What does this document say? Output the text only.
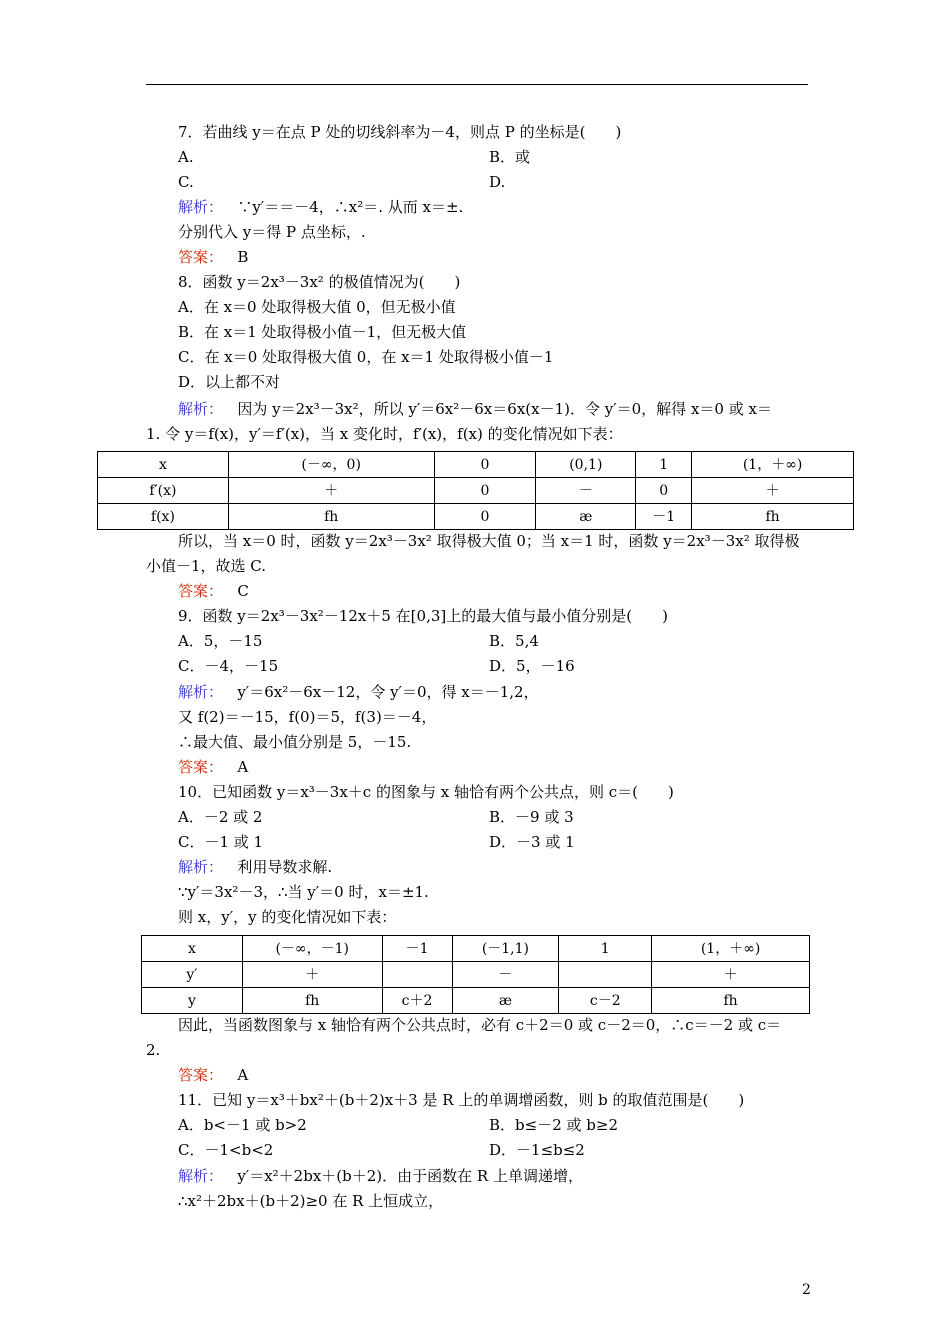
7．若曲线 y＝在点 P 处的切线斜率为－4，则点 P 的坐标是(　　)
A.	B．或
C.	D.
解析： ∵y′＝＝－4，∴x²＝. 从而 x＝±.
分别代入 y＝得 P 点坐标，.
答案： B
8．函数 y＝2x³－3x² 的极值情况为(　　)
A．在 x＝0 处取得极大值 0，但无极小值
B．在 x＝1 处取得极小值－1，但无极大值
C．在 x＝0 处取得极大值 0，在 x＝1 处取得极小值－1
D．以上都不对
解析： 因为 y＝2x³－3x²，所以 y′＝6x²－6x＝6x(x－1)．令 y′＝0，解得 x＝0 或 x＝
1. 令 y＝f(x)，y′＝f′(x)，当 x 变化时，f′(x)，f(x) 的变化情况如下表：
x	(－∞，0)	0	(0,1)	1	(1，＋∞)
f′(x)	＋	0	－	0	＋
f(x)	fh	0	æ	－1	fh
所以，当 x＝0 时，函数 y＝2x³－3x² 取得极大值 0；当 x＝1 时，函数 y＝2x³－3x² 取得极
小值－1，故选 C.
答案： C
9．函数 y＝2x³－3x²－12x＋5 在[0,3]上的最大值与最小值分别是(　　)
A．5，－15	B．5,4
C．－4，－15	D．5，－16
解析： y′＝6x²－6x－12，令 y′＝0，得 x＝－1,2，
又 f(2)＝－15，f(0)＝5，f(3)＝－4，
∴最大值、最小值分别是 5，－15.
答案： A
10．已知函数 y＝x³－3x＋c 的图象与 x 轴恰有两个公共点，则 c＝(　　)
A．－2 或 2	B．－9 或 3
C．－1 或 1	D．－3 或 1
解析： 利用导数求解.
∵y′＝3x²－3，∴当 y′＝0 时，x＝±1.
则 x，y′，y 的变化情况如下表：
x	(－∞，－1)	－1	(－1,1)	1	(1，＋∞)
y′	＋		－		＋
y	fh	c＋2	æ	c－2	fh
因此，当函数图象与 x 轴恰有两个公共点时，必有 c＋2＝0 或 c－2＝0，∴c＝－2 或 c＝
2.
答案： A
11．已知 y＝x³＋bx²＋(b＋2)x＋3 是 R 上的单调增函数，则 b 的取值范围是(　　)
A．b<－1 或 b>2	B．b≤－2 或 b≥2
C．－1<b<2	D．－1≤b≤2
解析： y′＝x²＋2bx＋(b＋2)．由于函数在 R 上单调递增，
∴x²＋2bx＋(b＋2)≥0 在 R 上恒成立，
2
